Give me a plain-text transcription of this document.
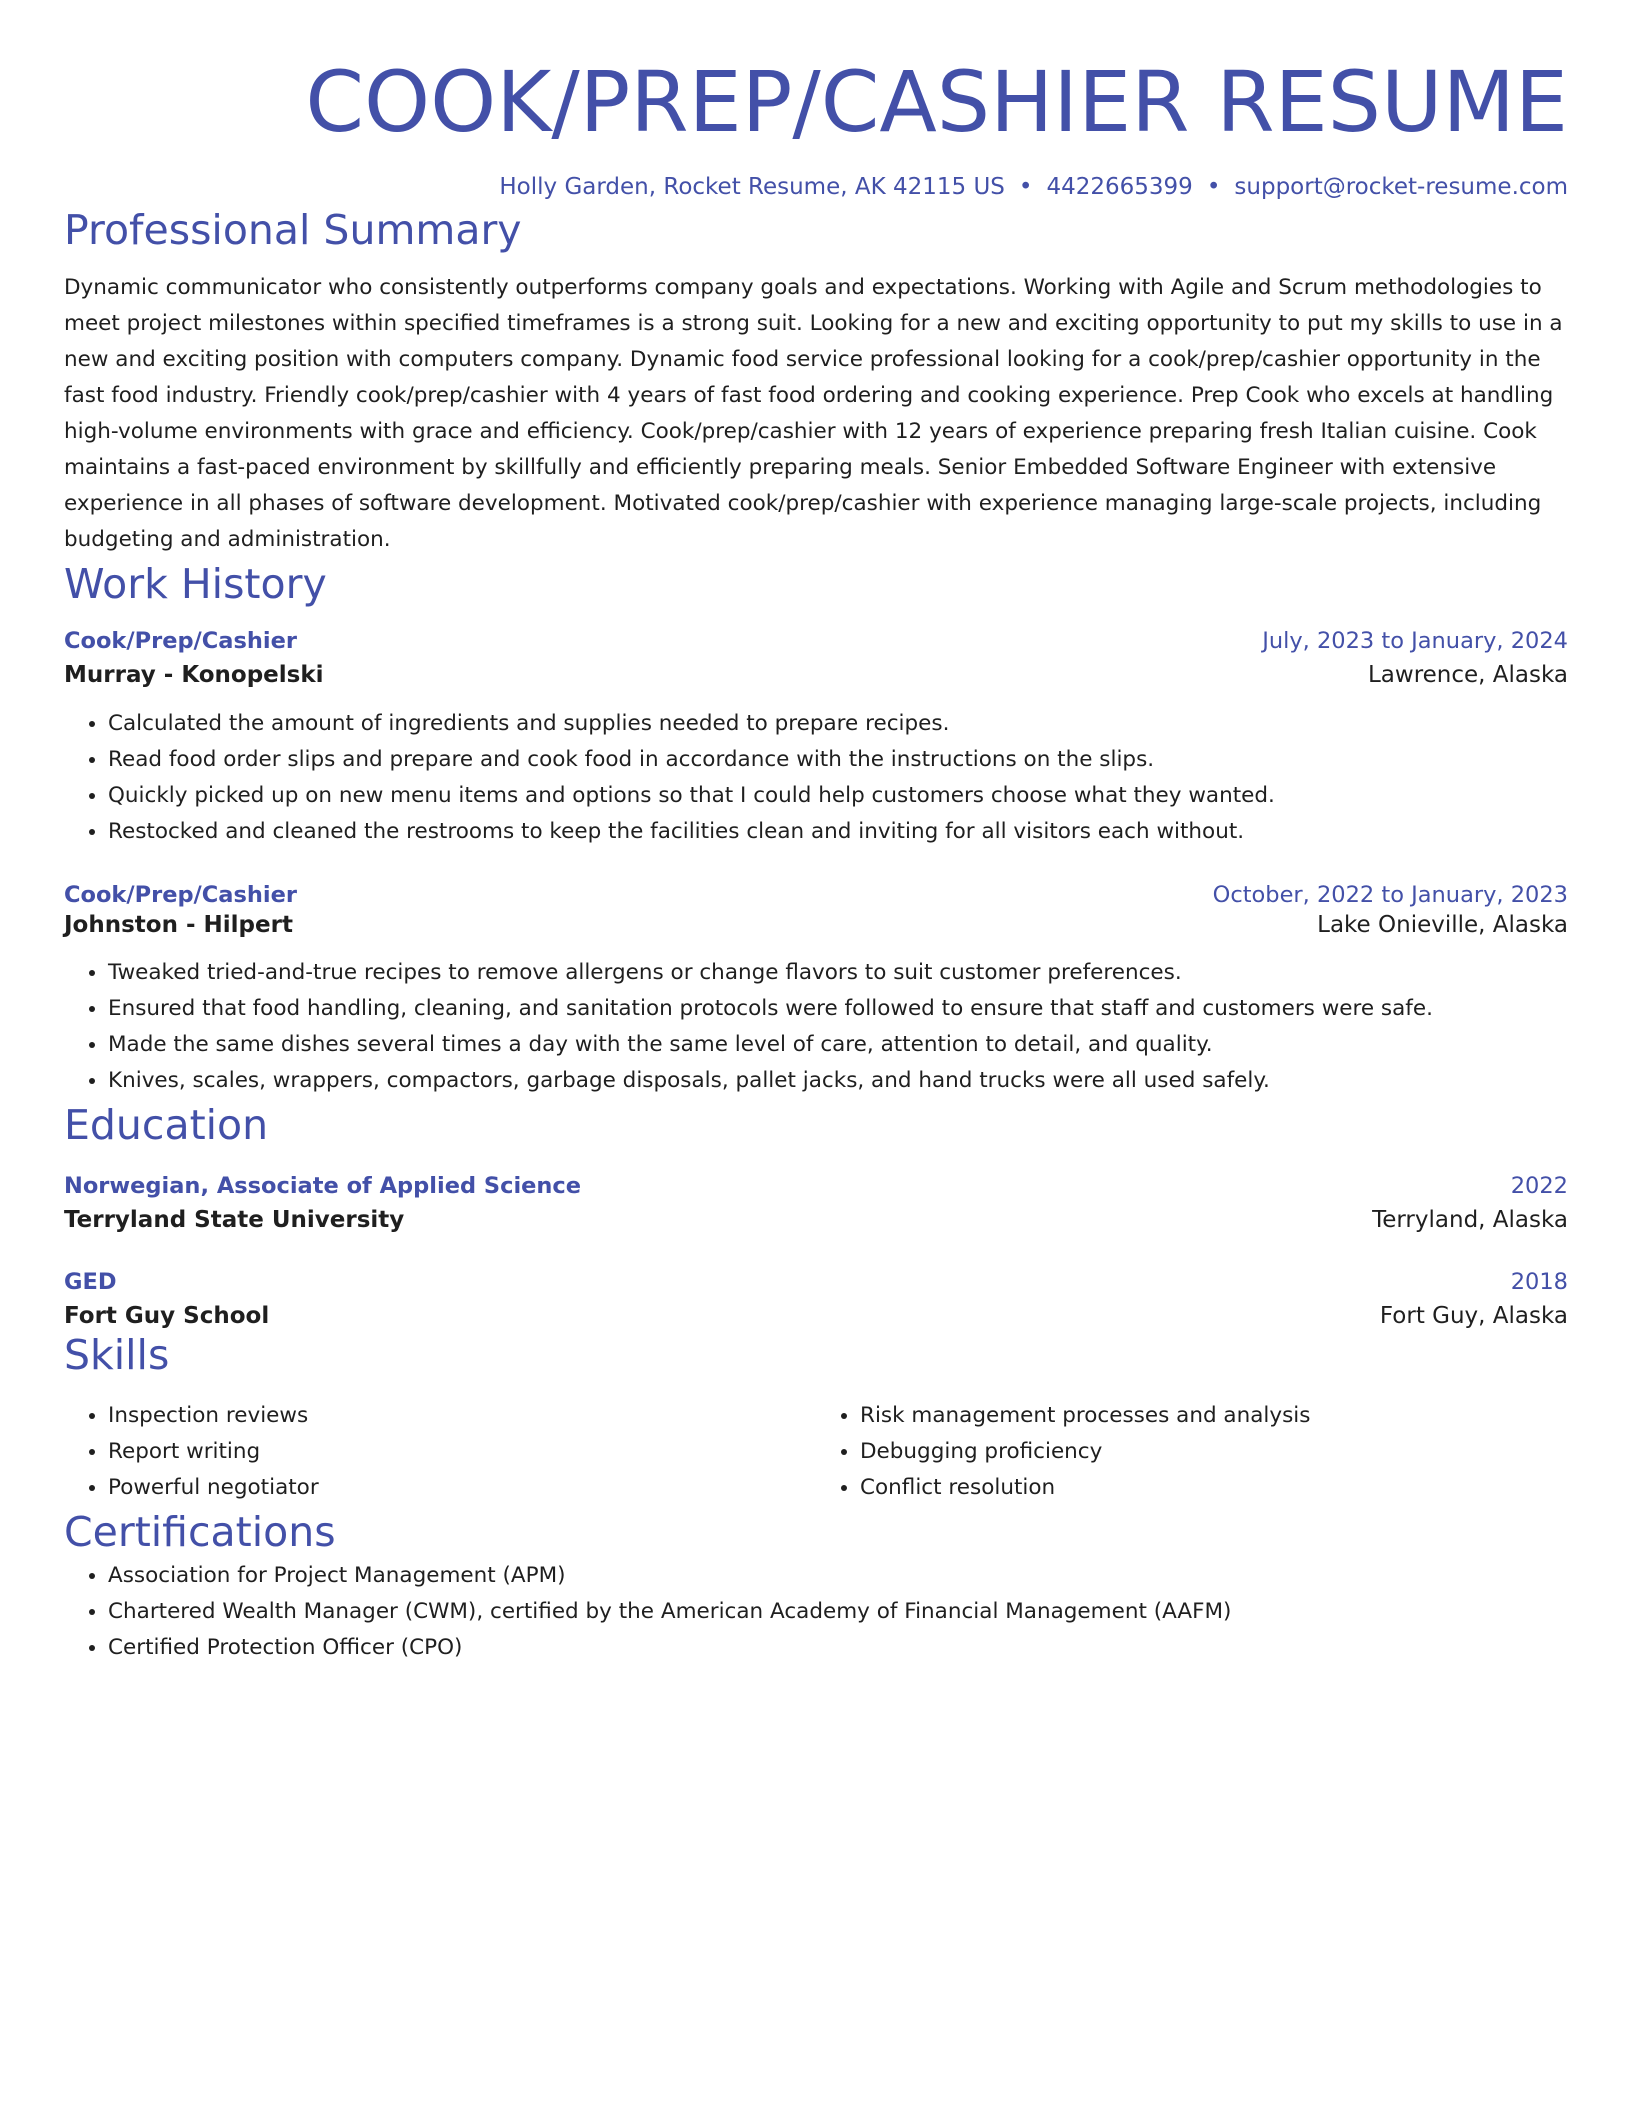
COOK/PREP/CASHIER RESUME
Holly Garden, Rocket Resume, AK 42115 US • 4422665399 • support@rocket-resume.com
Professional Summary
Dynamic communicator who consistently outperforms company goals and expectations. Working with Agile and Scrum methodologies to meet project milestones within specified timeframes is a strong suit. Looking for a new and exciting opportunity to put my skills to use in a new and exciting position with computers company. Dynamic food service professional looking for a cook/prep/cashier opportunity in the fast food industry. Friendly cook/prep/cashier with 4 years of fast food ordering and cooking experience. Prep Cook who excels at handling high-volume environments with grace and efficiency. Cook/prep/cashier with 12 years of experience preparing fresh Italian cuisine. Cook maintains a fast-paced environment by skillfully and efficiently preparing meals. Senior Embedded Software Engineer with extensive experience in all phases of software development. Motivated cook/prep/cashier with experience managing large-scale projects, including budgeting and administration.
Work History
Cook/Prep/Cashier	July, 2023 to January, 2024
Murray - Konopelski	Lawrence, Alaska
• Calculated the amount of ingredients and supplies needed to prepare recipes.
• Read food order slips and prepare and cook food in accordance with the instructions on the slips.
• Quickly picked up on new menu items and options so that I could help customers choose what they wanted.
• Restocked and cleaned the restrooms to keep the facilities clean and inviting for all visitors each without.
Cook/Prep/Cashier	October, 2022 to January, 2023
Johnston - Hilpert	Lake Onieville, Alaska
• Tweaked tried-and-true recipes to remove allergens or change flavors to suit customer preferences.
• Ensured that food handling, cleaning, and sanitation protocols were followed to ensure that staff and customers were safe.
• Made the same dishes several times a day with the same level of care, attention to detail, and quality.
• Knives, scales, wrappers, compactors, garbage disposals, pallet jacks, and hand trucks were all used safely.
Education
Norwegian, Associate of Applied Science	2022
Terryland State University	Terryland, Alaska
GED	2018
Fort Guy School	Fort Guy, Alaska
Skills
• Inspection reviews
• Report writing
• Powerful negotiator
• Risk management processes and analysis
• Debugging proficiency
• Conflict resolution
Certifications
• Association for Project Management (APM)
• Chartered Wealth Manager (CWM), certified by the American Academy of Financial Management (AAFM)
• Certified Protection Officer (CPO)
